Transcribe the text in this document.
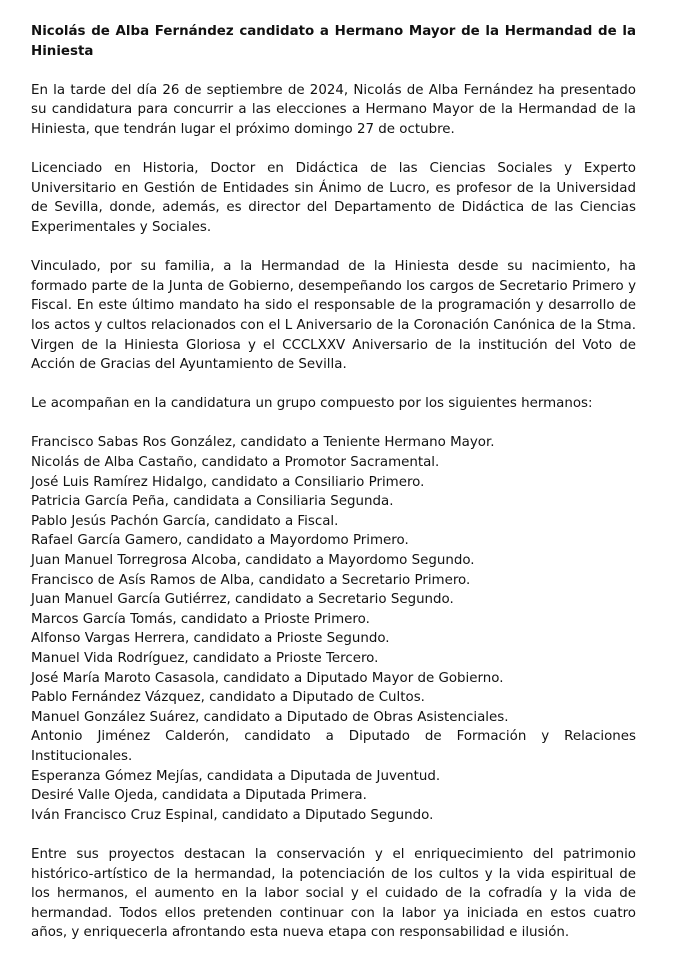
Nicolás de Alba Fernández candidato a Hermano Mayor de la Hermandad de la Hiniesta

En la tarde del día 26 de septiembre de 2024, Nicolás de Alba Fernández ha presentado su candidatura para concurrir a las elecciones a Hermano Mayor de la Hermandad de la Hiniesta, que tendrán lugar el próximo domingo 27 de octubre.

Licenciado en Historia, Doctor en Didáctica de las Ciencias Sociales y Experto Universitario en Gestión de Entidades sin Ánimo de Lucro, es profesor de la Universidad de Sevilla, donde, además, es director del Departamento de Didáctica de las Ciencias Experimentales y Sociales.

Vinculado, por su familia, a la Hermandad de la Hiniesta desde su nacimiento, ha formado parte de la Junta de Gobierno, desempeñando los cargos de Secretario Primero y Fiscal. En este último mandato ha sido el responsable de la programación y desarrollo de los actos y cultos relacionados con el L Aniversario de la Coronación Canónica de la Stma. Virgen de la Hiniesta Gloriosa y el CCCLXXV Aniversario de la institución del Voto de Acción de Gracias del Ayuntamiento de Sevilla.

Le acompañan en la candidatura un grupo compuesto por los siguientes hermanos:

Francisco Sabas Ros González, candidato a Teniente Hermano Mayor.
Nicolás de Alba Castaño, candidato a Promotor Sacramental.
José Luis Ramírez Hidalgo, candidato a Consiliario Primero.
Patricia García Peña, candidata a Consiliaria Segunda.
Pablo Jesús Pachón García, candidato a Fiscal.
Rafael García Gamero, candidato a Mayordomo Primero.
Juan Manuel Torregrosa Alcoba, candidato a Mayordomo Segundo.
Francisco de Asís Ramos de Alba, candidato a Secretario Primero.
Juan Manuel García Gutiérrez, candidato a Secretario Segundo.
Marcos García Tomás, candidato a Prioste Primero.
Alfonso Vargas Herrera, candidato a Prioste Segundo.
Manuel Vida Rodríguez, candidato a Prioste Tercero.
José María Maroto Casasola, candidato a Diputado Mayor de Gobierno.
Pablo Fernández Vázquez, candidato a Diputado de Cultos.
Manuel González Suárez, candidato a Diputado de Obras Asistenciales.
Antonio Jiménez Calderón, candidato a Diputado de Formación y Relaciones Institucionales.
Esperanza Gómez Mejías, candidata a Diputada de Juventud.
Desiré Valle Ojeda, candidata a Diputada Primera.
Iván Francisco Cruz Espinal, candidato a Diputado Segundo.

Entre sus proyectos destacan la conservación y el enriquecimiento del patrimonio histórico-artístico de la hermandad, la potenciación de los cultos y la vida espiritual de los hermanos, el aumento en la labor social y el cuidado de la cofradía y la vida de hermandad. Todos ellos pretenden continuar con la labor ya iniciada en estos cuatro años, y enriquecerla afrontando esta nueva etapa con responsabilidad e ilusión.
